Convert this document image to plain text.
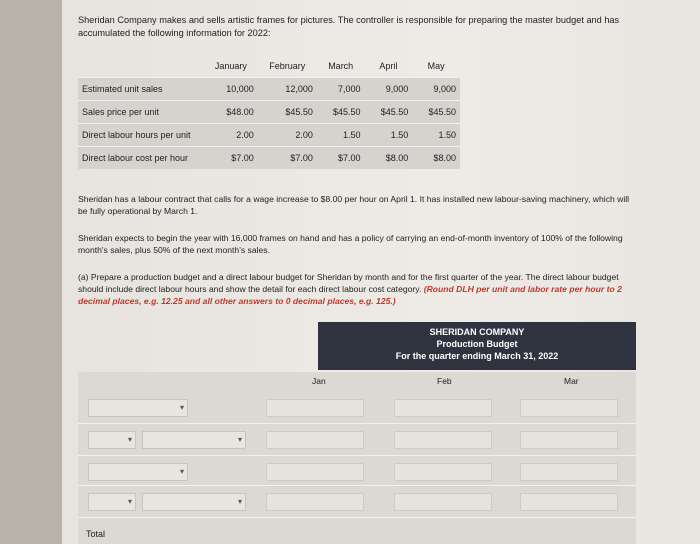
Sheridan Company makes and sells artistic frames for pictures. The controller is responsible for preparing the master budget and has accumulated the following information for 2022:
	January	February	March	April	May
Estimated unit sales	10,000	12,000	7,000	9,000	9,000
Sales price per unit	$48.00	$45.50	$45.50	$45.50	$45.50
Direct labour hours per unit	2.00	2.00	1.50	1.50	1.50
Direct labour cost per hour	$7.00	$7.00	$7.00	$8.00	$8.00
Sheridan has a labour contract that calls for a wage increase to $8.00 per hour on April 1. It has installed new labour-saving machinery, which will be fully operational by March 1.
Sheridan expects to begin the year with 16,000 frames on hand and has a policy of carrying an end-of-month inventory of 100% of the following month's sales, plus 50% of the next month's sales.
(a) Prepare a production budget and a direct labour budget for Sheridan by month and for the first quarter of the year. The direct labour budget should include direct labour hours and show the detail for each direct labour cost category. (Round DLH per unit and labor rate per hour to 2 decimal places, e.g. 12.25 and all other answers to 0 decimal places, e.g. 125.)
SHERIDAN COMPANY
Production Budget
For the quarter ending March 31, 2022
Jan	Feb	Mar
▾
▾	▾
▾
▾	▾
Total
